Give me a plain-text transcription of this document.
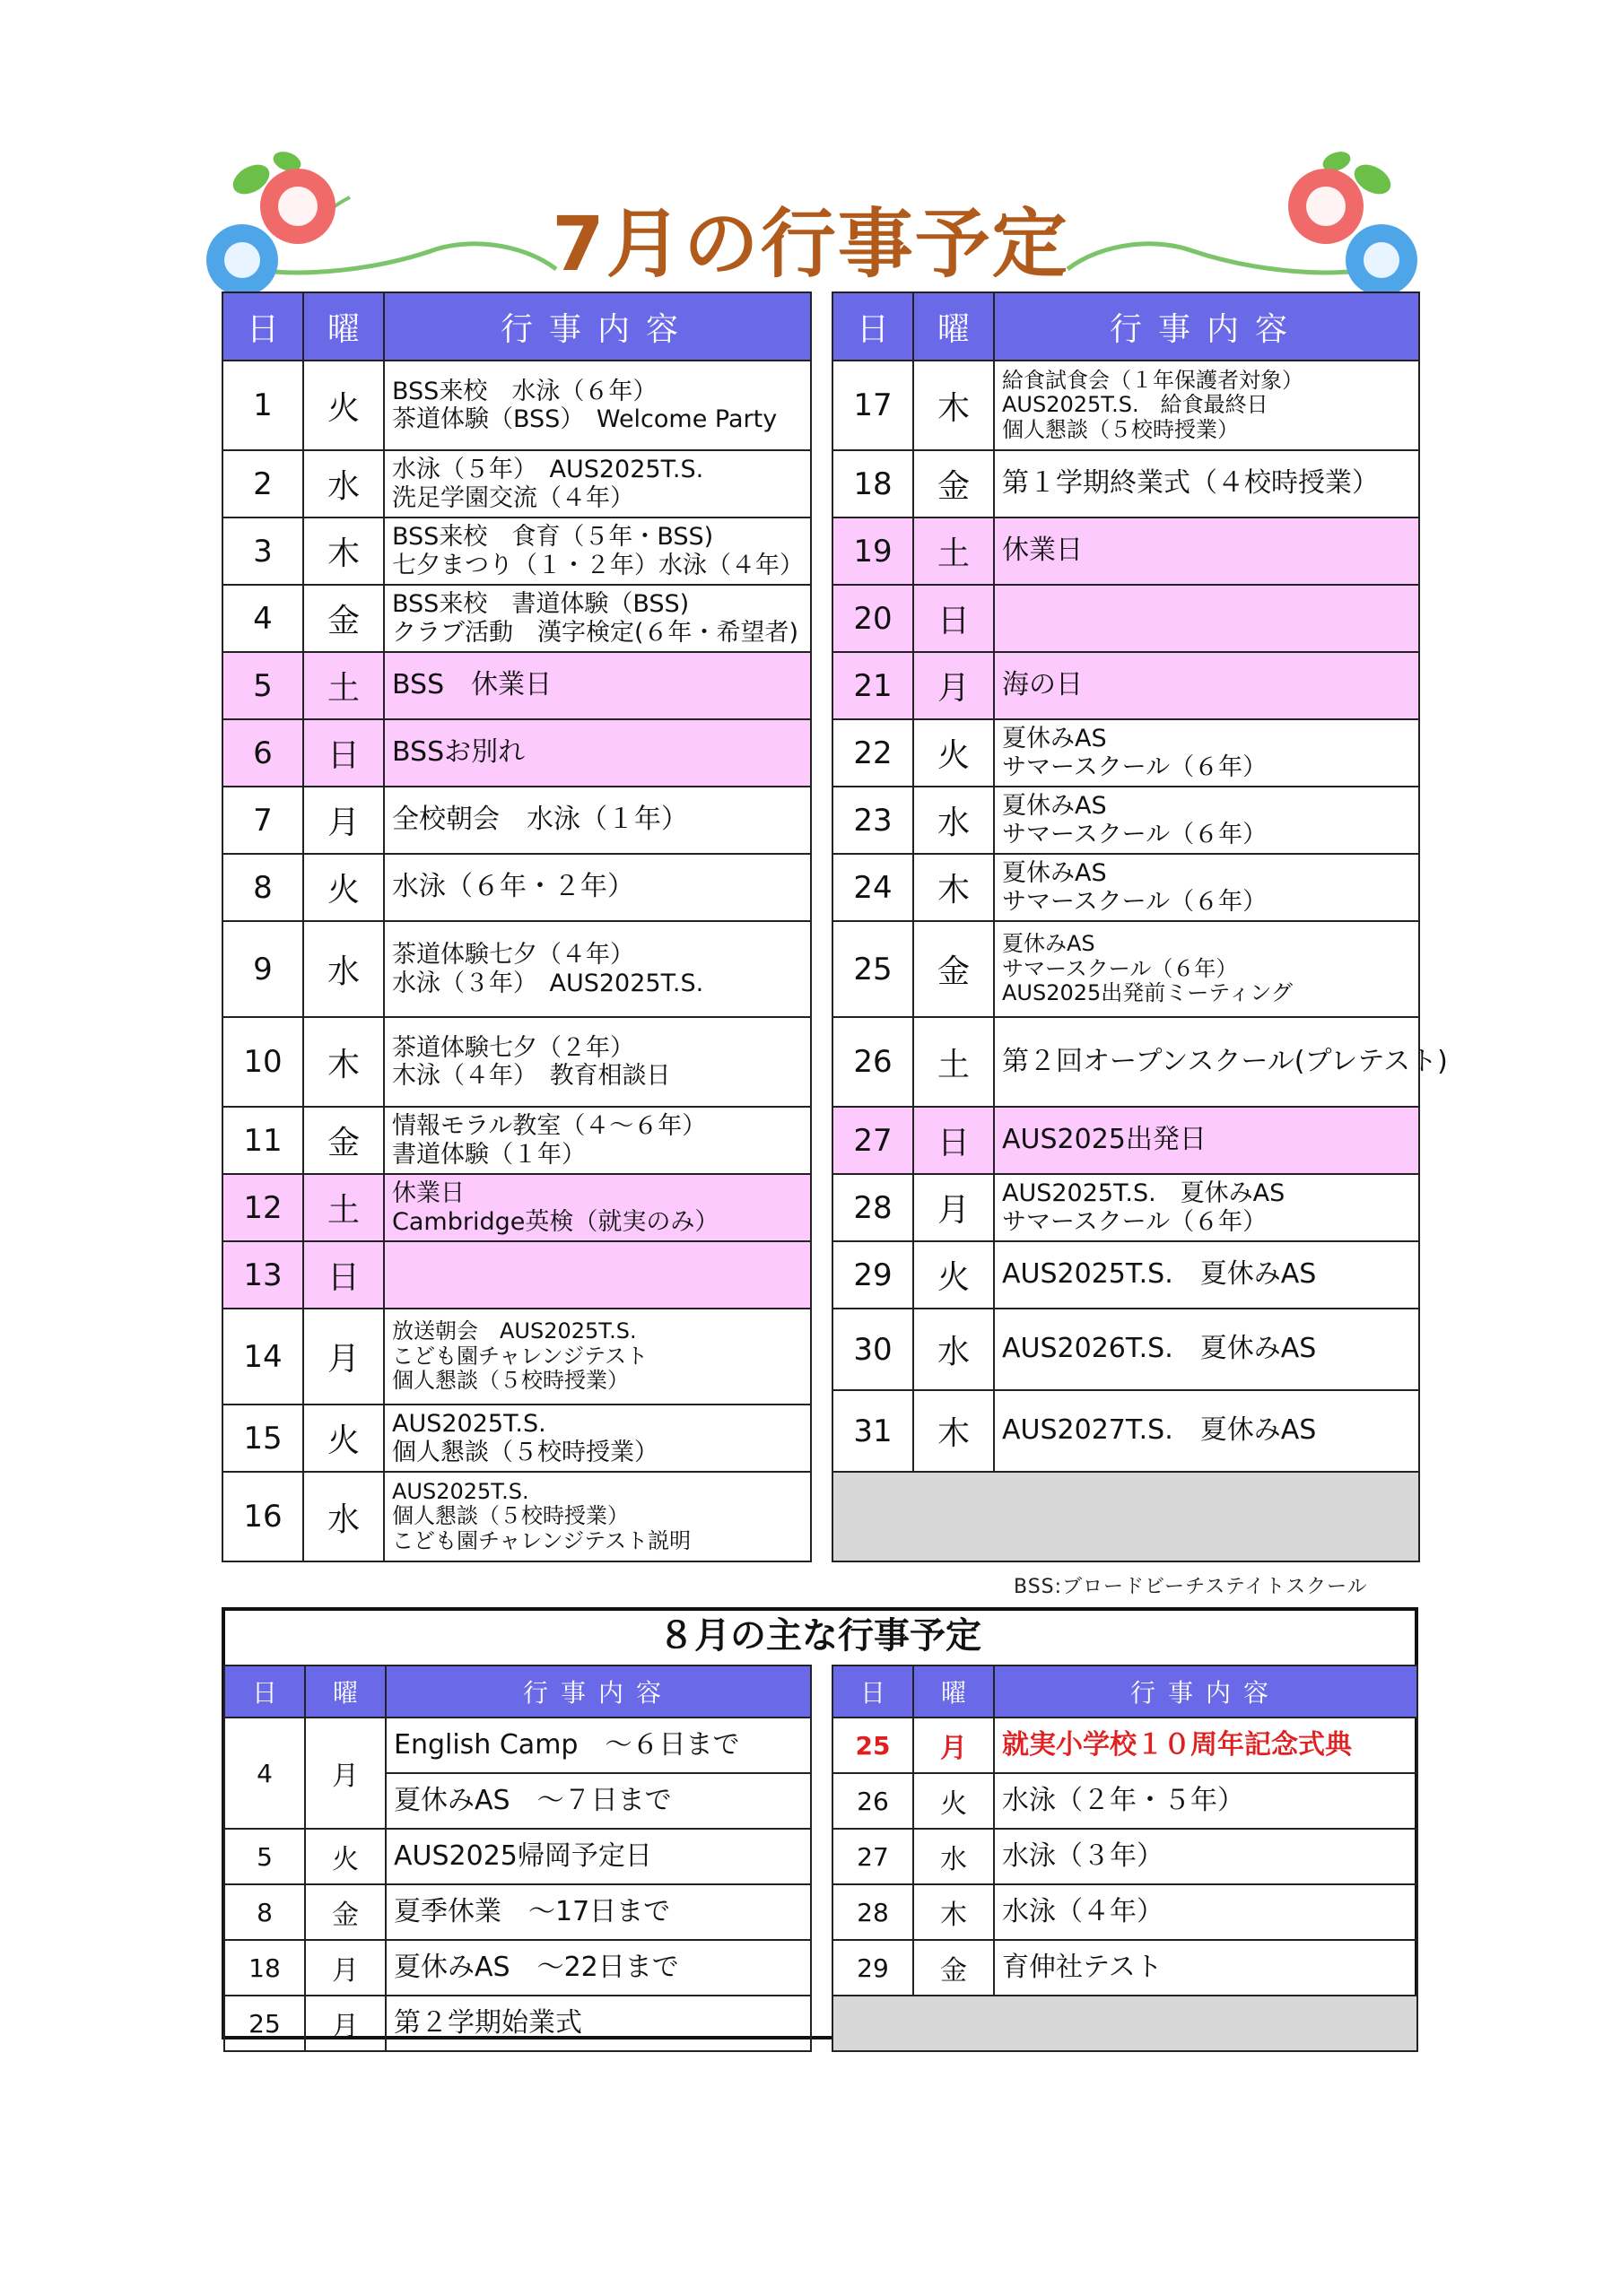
7月の行事予定
日	曜	行事内容
1	火	BSS来校　水泳（６年）
茶道体験（BSS）　Welcome Party

2	水	水泳（５年）　AUS2025T.S.
洗足学園交流（４年）

3	木	BSS来校　食育（５年・BSS)
七夕まつり（１・２年）水泳（４年）

4	金	BSS来校　書道体験（BSS)
クラブ活動　漢字検定(６年・希望者)

5	土	BSS　休業日

6	日	BSSお別れ

7	月	全校朝会　水泳（１年）

8	火	水泳（６年・２年）

9	水	茶道体験七夕（４年）
水泳（３年）　AUS2025T.S.

10	木	茶道体験七夕（２年）
木泳（４年）　教育相談日

11	金	情報モラル教室（４〜６年）
書道体験（１年）

12	土	休業日
Cambridge英検（就実のみ）

13	日	
14	月	放送朝会　AUS2025T.S.
こども園チャレンジテスト
個人懇談（５校時授業）

15	火	AUS2025T.S.
個人懇談（５校時授業）

16	水	AUS2025T.S.
個人懇談（５校時授業）
こども園チャレンジテスト説明
日	曜	行事内容
17	木	給食試食会（１年保護者対象）
AUS2025T.S.　給食最終日
個人懇談（５校時授業）

18	金	第１学期終業式（４校時授業）

19	土	休業日

20	日	
21	月	海の日

22	火	夏休みAS
サマースクール（６年）

23	水	夏休みAS
サマースクール（６年）

24	木	夏休みAS
サマースクール（６年）

25	金	夏休みAS
サマースクール（６年）
AUS2025出発前ミーティング

26	土	第２回オープンスクール(プレテスト)

27	日	AUS2025出発日

28	月	AUS2025T.S.　夏休みAS
サマースクール（６年）

29	火	AUS2025T.S.　夏休みAS

30	水	AUS2026T.S.　夏休みAS

31	木	AUS2027T.S.　夏休みAS

BSS:ブロードビーチステイトスクール
８月の主な行事予定
日	曜	行事内容
4	月	English Camp　〜６日まで
		夏休みAS　〜７日まで
5	火	AUS2025帰岡予定日
8	金	夏季休業　〜17日まで
18	月	夏休みAS　〜22日まで
25	月	第２学期始業式
日	曜	行事内容
25	月	就実小学校１０周年記念式典

26	火	水泳（２年・５年）

27	水	水泳（３年）

28	木	水泳（４年）

29	金	育伸社テスト
